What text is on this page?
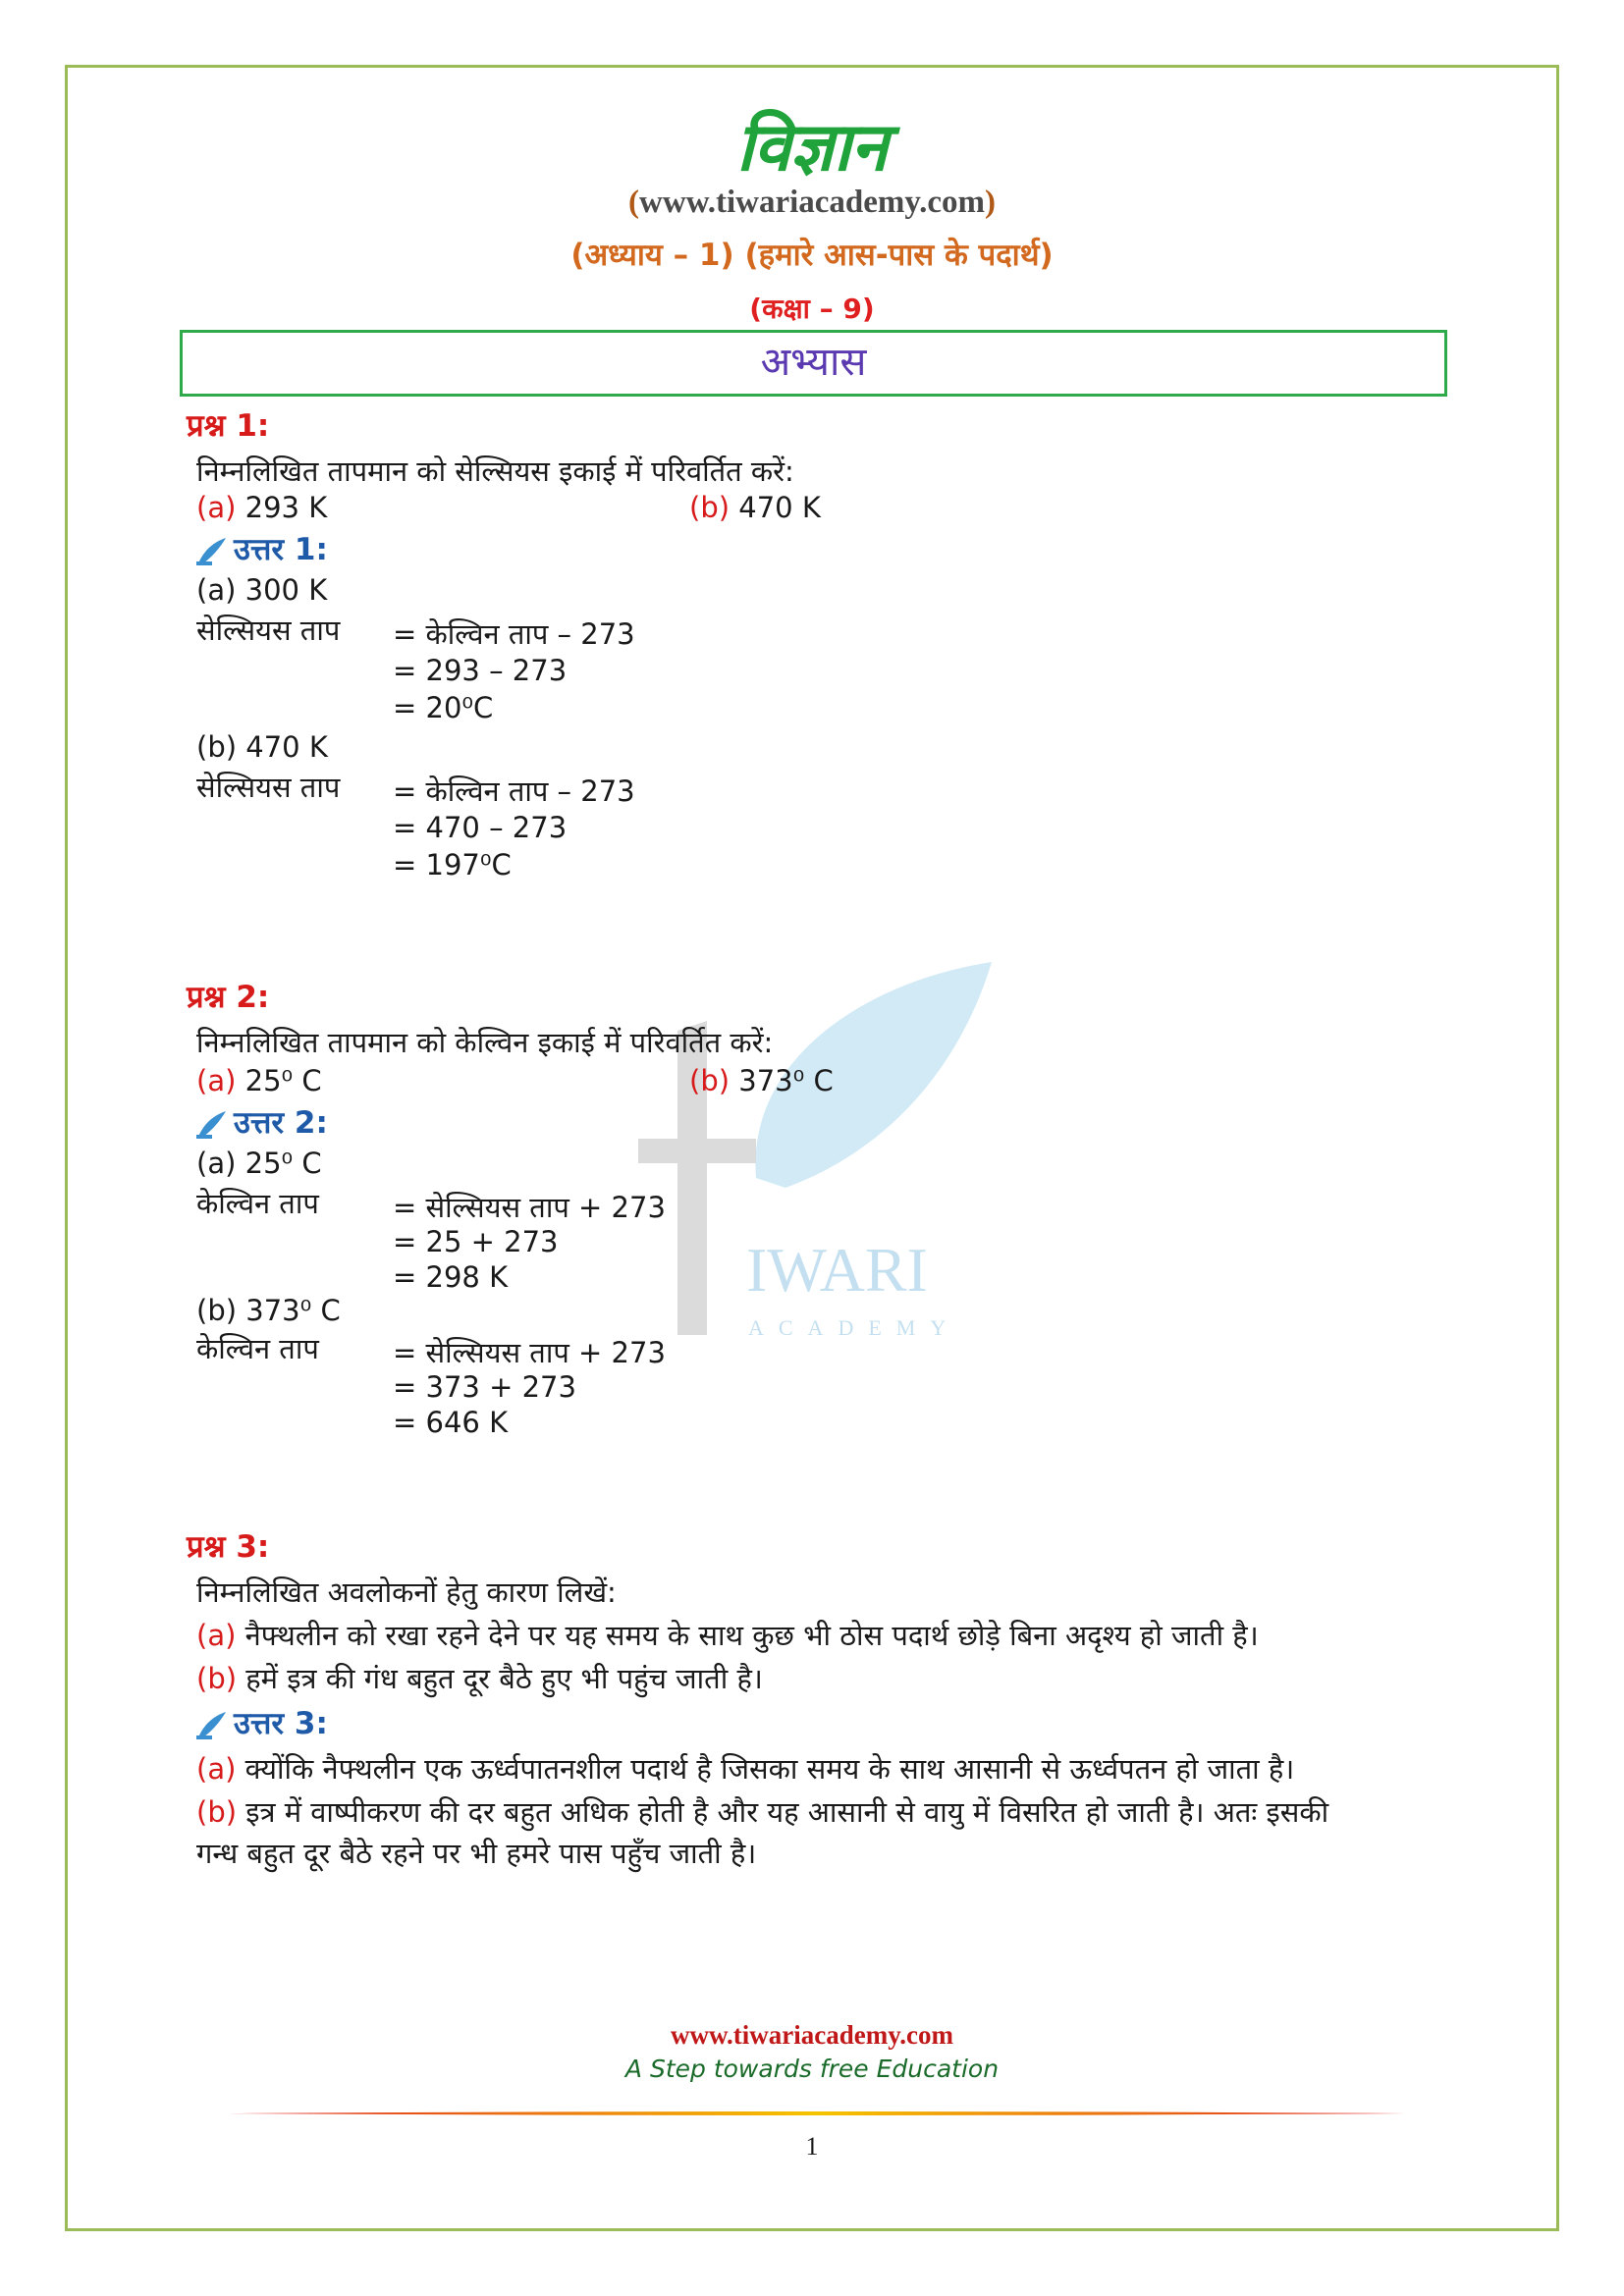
IWARI
ACADEMY
विज्ञान
(www.tiwariacademy.com)
(अध्याय – 1) (हमारे आस-पास के पदार्थ)
(कक्षा – 9)
अभ्यास
प्रश्न 1:
निम्नलिखित तापमान को सेल्सियस इकाई में परिवर्तित करें:
(a) 293 K	(b) 470 K
उत्तर 1:
(a) 300 K
सेल्सियस ताप = केल्विन ताप – 273
= 293 – 273
= 20⁰C
(b) 470 K
सेल्सियस ताप = केल्विन ताप – 273
= 470 – 273
= 197⁰C
प्रश्न 2:
निम्नलिखित तापमान को केल्विन इकाई में परिवर्तित करें:
(a) 25⁰ C	(b) 373⁰ C
उत्तर 2:
(a) 25⁰ C
केल्विन ताप	= सेल्सियस ताप + 273
= 25 + 273
= 298 K
(b) 373⁰ C
केल्विन ताप	= सेल्सियस ताप + 273
= 373 + 273
= 646 K
प्रश्न 3:
निम्नलिखित अवलोकनों हेतु कारण लिखें:
(a) नैफ्थलीन को रखा रहने देने पर यह समय के साथ कुछ भी ठोस पदार्थ छोड़े बिना अदृश्य हो जाती है।
(b) हमें इत्र की गंध बहुत दूर बैठे हुए भी पहुंच जाती है।
उत्तर 3:
(a) क्योंकि नैफ्थलीन एक ऊर्ध्वपातनशील पदार्थ है जिसका समय के साथ आसानी से ऊर्ध्वपतन हो जाता है।
(b) इत्र में वाष्पीकरण की दर बहुत अधिक होती है और यह आसानी से वायु में विसरित हो जाती है। अतः इसकी
गन्ध बहुत दूर बैठे रहने पर भी हमरे पास पहुँच जाती है।
www.tiwariacademy.com
A Step towards free Education
1
